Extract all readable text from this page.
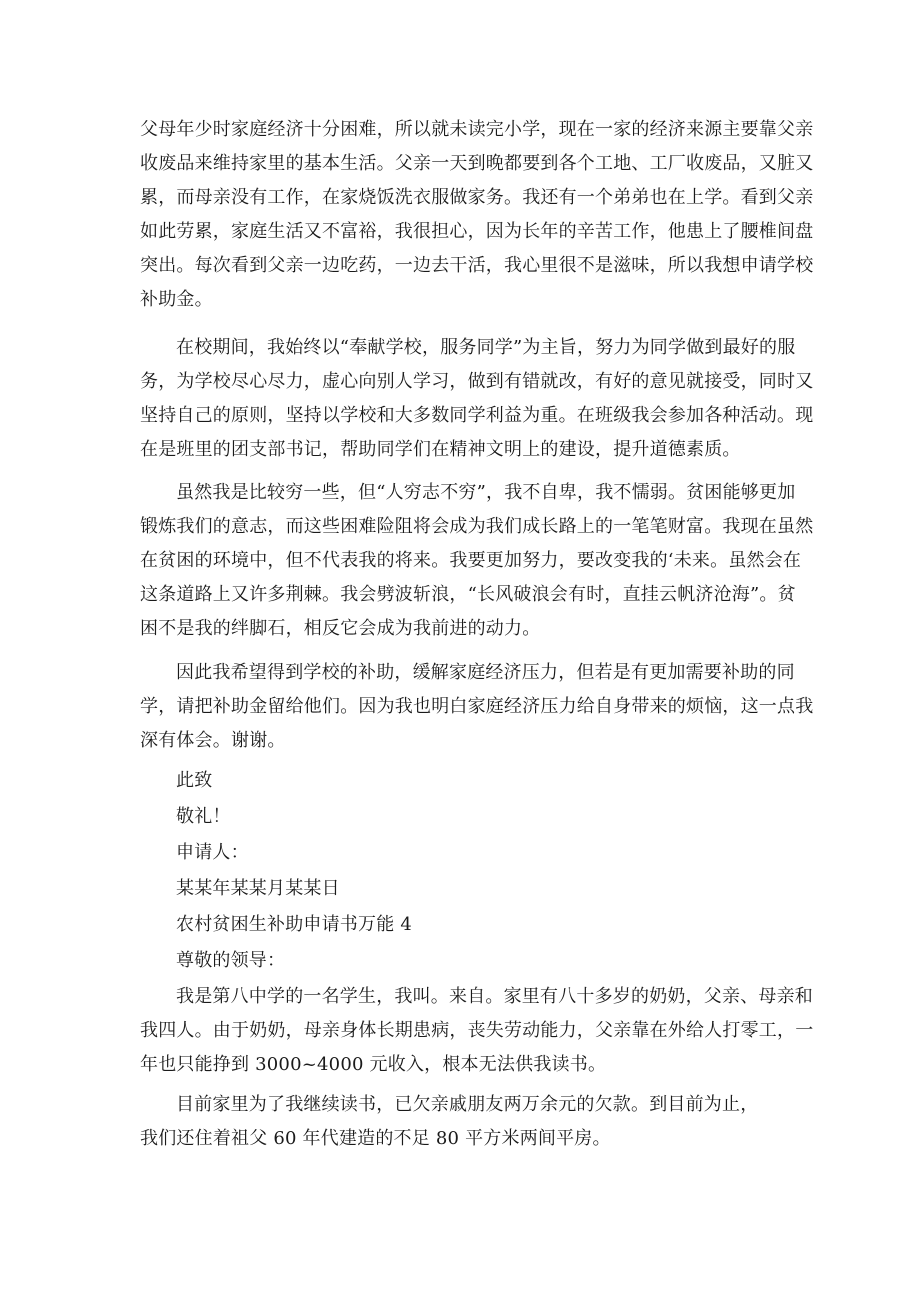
父母年少时家庭经济十分困难，所以就未读完小学，现在一家的经济来源主要靠父亲
收废品来维持家里的基本生活。父亲一天到晚都要到各个工地、工厂收废品，又脏又
累，而母亲没有工作，在家烧饭洗衣服做家务。我还有一个弟弟也在上学。看到父亲
如此劳累，家庭生活又不富裕，我很担心，因为长年的辛苦工作，他患上了腰椎间盘
突出。每次看到父亲一边吃药，一边去干活，我心里很不是滋味，所以我想申请学校
补助金。
在校期间，我始终以“奉献学校，服务同学”为主旨，努力为同学做到最好的服
务，为学校尽心尽力，虚心向别人学习，做到有错就改，有好的意见就接受，同时又
坚持自己的原则，坚持以学校和大多数同学利益为重。在班级我会参加各种活动。现
在是班里的团支部书记，帮助同学们在精神文明上的建设，提升道德素质。
虽然我是比较穷一些，但“人穷志不穷”，我不自卑，我不懦弱。贫困能够更加
锻炼我们的意志，而这些困难险阻将会成为我们成长路上的一笔笔财富。我现在虽然
在贫困的环境中，但不代表我的将来。我要更加努力，要改变我的‘未来。虽然会在
这条道路上又许多荆棘。我会劈波斩浪，“长风破浪会有时，直挂云帆济沧海”。贫
困不是我的绊脚石，相反它会成为我前进的动力。
因此我希望得到学校的补助，缓解家庭经济压力，但若是有更加需要补助的同
学，请把补助金留给他们。因为我也明白家庭经济压力给自身带来的烦恼，这一点我
深有体会。谢谢。
此致
敬礼！
申请人：
某某年某某月某某日
农村贫困生补助申请书万能 4
尊敬的领导：
我是第八中学的一名学生，我叫。来自。家里有八十多岁的奶奶，父亲、母亲和
我四人。由于奶奶，母亲身体长期患病，丧失劳动能力，父亲靠在外给人打零工，一
年也只能挣到 3000~4000 元收入，根本无法供我读书。
目前家里为了我继续读书，已欠亲戚朋友两万余元的欠款。到目前为止，
我们还住着祖父 60 年代建造的不足 80 平方米两间平房。
